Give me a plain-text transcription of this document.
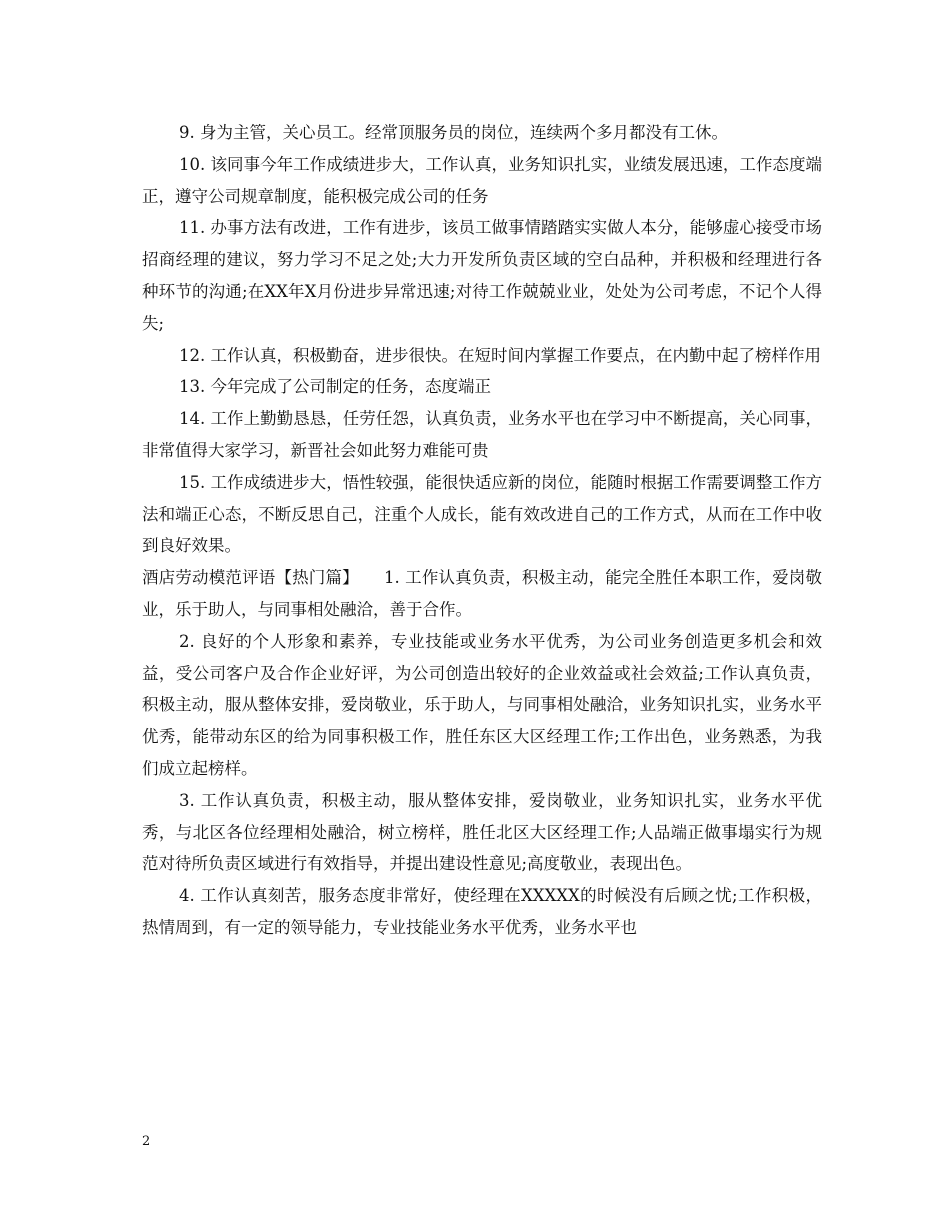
9. 身为主管，关心员工。经常顶服务员的岗位，连续两个多月都没有工休。

10. 该同事今年工作成绩进步大，工作认真，业务知识扎实，业绩发展迅速，工作态度端正，遵守公司规章制度，能积极完成公司的任务

11. 办事方法有改进，工作有进步，该员工做事情踏踏实实做人本分，能够虚心接受市场招商经理的建议，努力学习不足之处;大力开发所负责区域的空白品种，并积极和经理进行各种环节的沟通;在XX年X月份进步异常迅速;对待工作兢兢业业，处处为公司考虑，不记个人得失;

12. 工作认真，积极勤奋，进步很快。在短时间内掌握工作要点，在内勤中起了榜样作用

13. 今年完成了公司制定的任务，态度端正

14. 工作上勤勤恳恳，任劳任怨，认真负责，业务水平也在学习中不断提高，关心同事，非常值得大家学习，新晋社会如此努力难能可贵

15. 工作成绩进步大，悟性较强，能很快适应新的岗位，能随时根据工作需要调整工作方法和端正心态，不断反思自己，注重个人成长，能有效改进自己的工作方式，从而在工作中收到良好效果。

酒店劳动模范评语【热门篇】　　1. 工作认真负责，积极主动，能完全胜任本职工作，爱岗敬业，乐于助人，与同事相处融洽，善于合作。

2. 良好的个人形象和素养，专业技能或业务水平优秀，为公司业务创造更多机会和效益，受公司客户及合作企业好评，为公司创造出较好的企业效益或社会效益;工作认真负责，积极主动，服从整体安排，爱岗敬业，乐于助人，与同事相处融洽，业务知识扎实，业务水平优秀，能带动东区的给为同事积极工作，胜任东区大区经理工作;工作出色，业务熟悉，为我们成立起榜样。

3. 工作认真负责，积极主动，服从整体安排，爱岗敬业，业务知识扎实，业务水平优秀，与北区各位经理相处融洽，树立榜样，胜任北区大区经理工作;人品端正做事塌实行为规范对待所负责区域进行有效指导，并提出建设性意见;高度敬业，表现出色。

4. 工作认真刻苦，服务态度非常好，使经理在XXXXX的时候没有后顾之忧;工作积极，热情周到，有一定的领导能力，专业技能业务水平优秀，业务水平也

2
